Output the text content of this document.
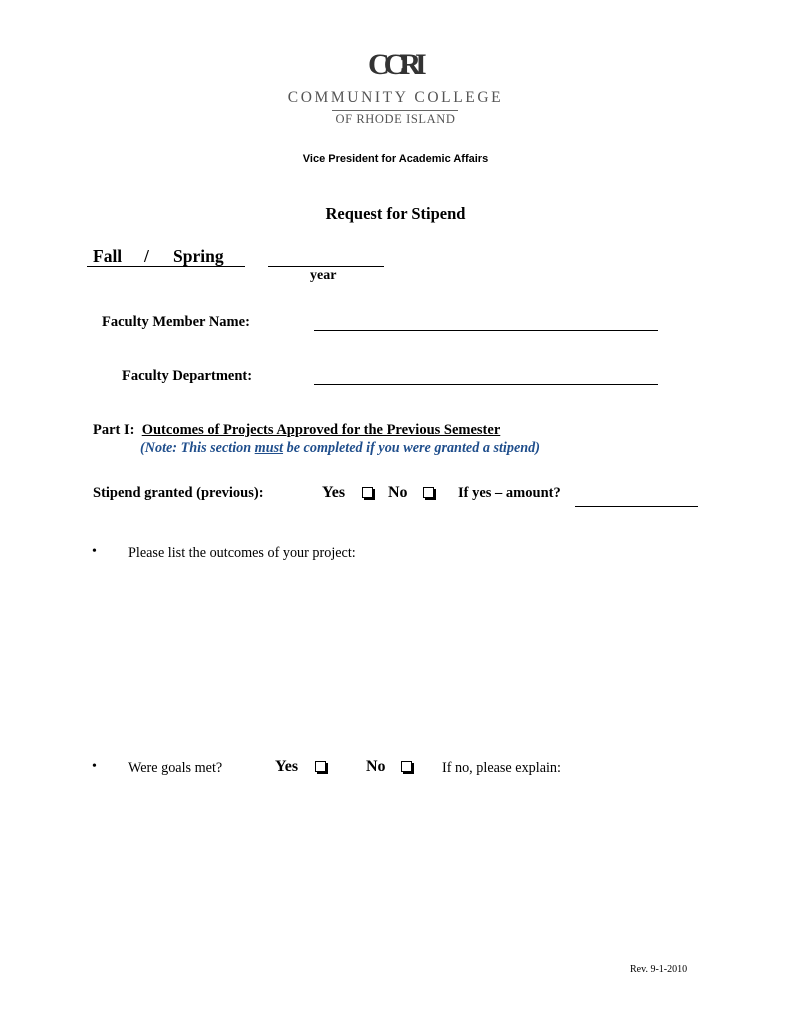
CCRI
COMMUNITY COLLEGE
OF RHODE ISLAND
Vice President for Academic Affairs
Request for Stipend
Fall / Spring
year
Faculty Member Name:
Faculty Department:
Part I: Outcomes of Projects Approved for the Previous Semester
(Note: This section must be completed if you were granted a stipend)
Stipend granted (previous):	Yes	No	If yes – amount?
• Please list the outcomes of your project:
• Were goals met?	Yes	No	If no, please explain:
Rev. 9-1-2010
